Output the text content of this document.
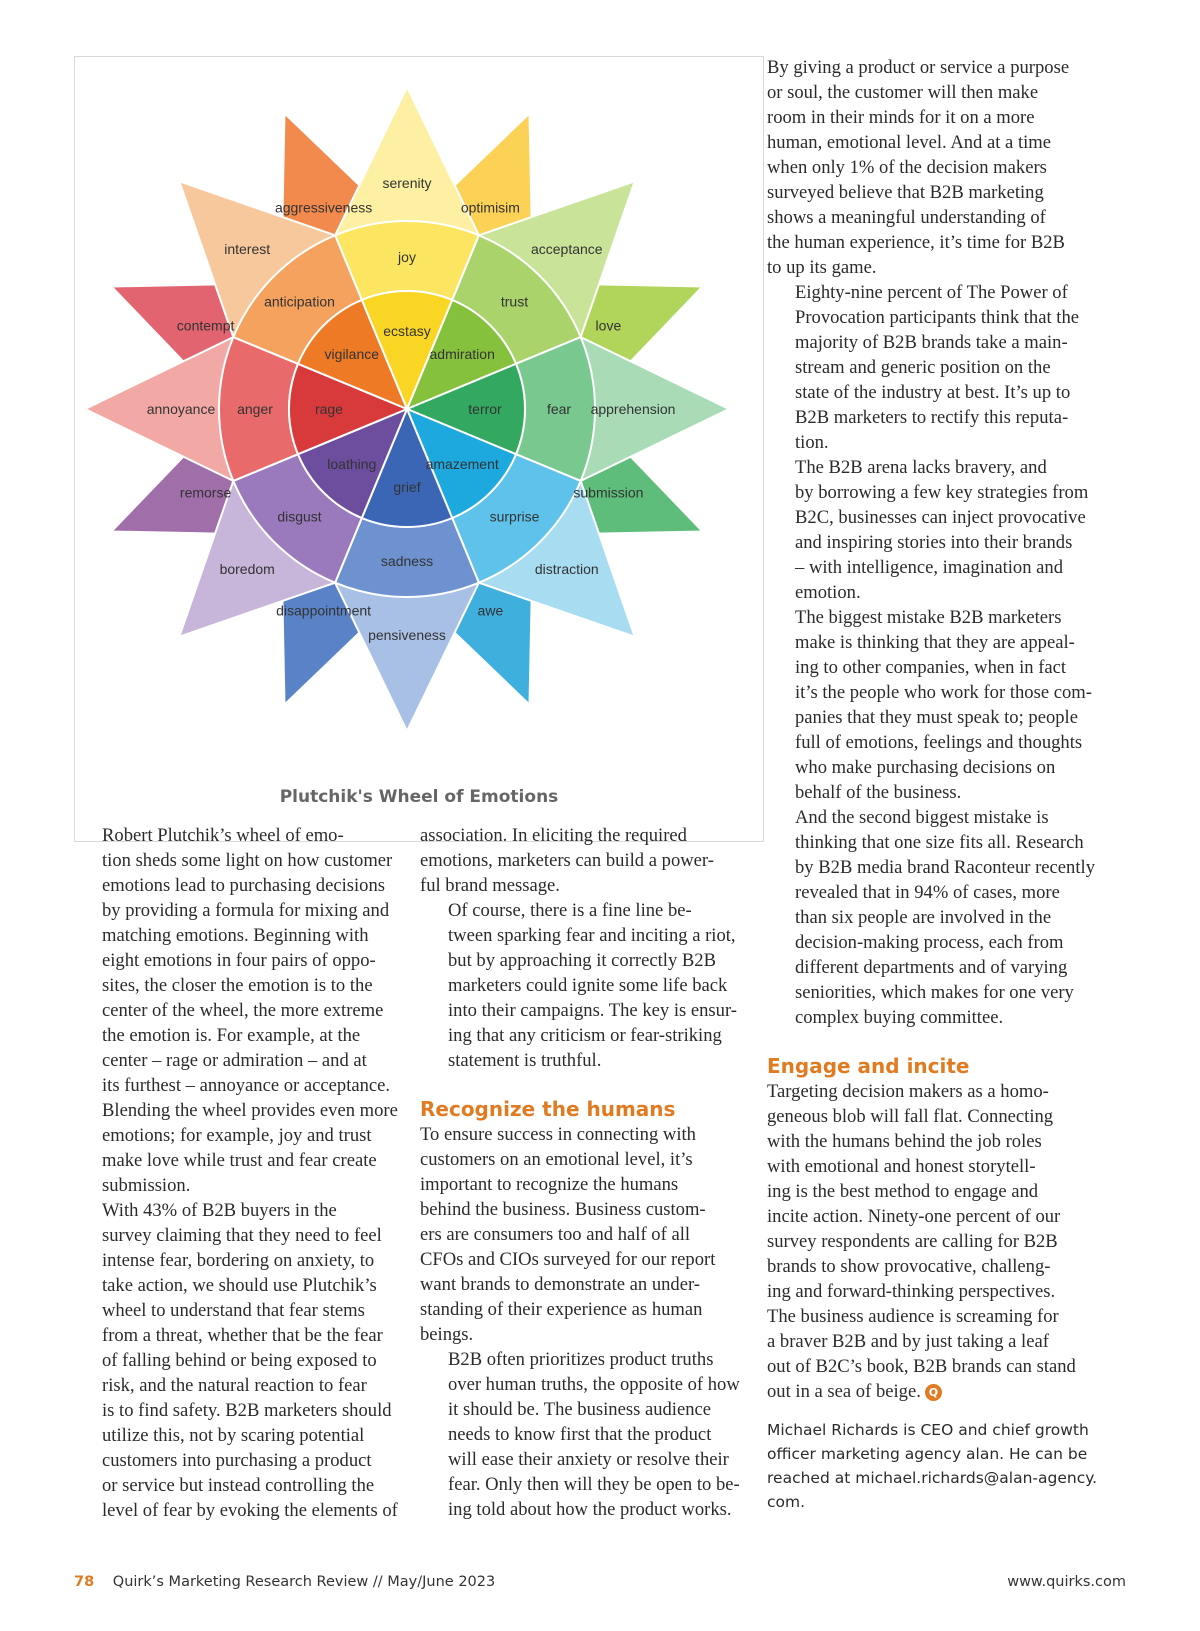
ecstasy
joy
serenity
optimisim
admiration
trust
acceptance
love
terror	fear apprehension
submission
amazement
surprise
distraction
awe
grief
sadness
pensiveness
disappointment
loathing
disgust
boredom
remorse
rage
anger
annoyance
contempt
vigilance
anticipation
interest
aggressiveness
Plutchik's Wheel of Emotions

Robert Plutchik’s wheel of emo-
tion sheds some light on how customer
emotions lead to purchasing decisions
by providing a formula for mixing and
matching emotions. Beginning with
eight emotions in four pairs of oppo-
sites, the closer the emotion is to the
center of the wheel, the more extreme
the emotion is. For example, at the
center – rage or admiration – and at
its furthest – annoyance or acceptance.
Blending the wheel provides even more
emotions; for example, joy and trust
make love while trust and fear create
submission.

With 43% of B2B buyers in the
survey claiming that they need to feel
intense fear, bordering on anxiety, to
take action, we should use Plutchik’s
wheel to understand that fear stems
from a threat, whether that be the fear
of falling behind or being exposed to
risk, and the natural reaction to fear
is to find safety. B2B marketers should
utilize this, not by scaring potential
customers into purchasing a product
or service but instead controlling the
level of fear by evoking the elements of

association. In eliciting the required
emotions, marketers can build a power-
ful brand message.

Of course, there is a fine line be-
tween sparking fear and inciting a riot,
but by approaching it correctly B2B
marketers could ignite some life back
into their campaigns. The key is ensur-
ing that any criticism or fear-striking
statement is truthful.

Recognize the humans

To ensure success in connecting with
customers on an emotional level, it’s
important to recognize the humans
behind the business. Business custom-
ers are consumers too and half of all
CFOs and CIOs surveyed for our report
want brands to demonstrate an under-
standing of their experience as human
beings.

B2B often prioritizes product truths
over human truths, the opposite of how
it should be. The business audience
needs to know first that the product
will ease their anxiety or resolve their
fear. Only then will they be open to be-
ing told about how the product works.

By giving a product or service a purpose
or soul, the customer will then make
room in their minds for it on a more
human, emotional level. And at a time
when only 1% of the decision makers
surveyed believe that B2B marketing
shows a meaningful understanding of
the human experience, it’s time for B2B
to up its game.

Eighty-nine percent of The Power of
Provocation participants think that the
majority of B2B brands take a main-
stream and generic position on the
state of the industry at best. It’s up to
B2B marketers to rectify this reputa-
tion.

The B2B arena lacks bravery, and
by borrowing a few key strategies from
B2C, businesses can inject provocative
and inspiring stories into their brands
– with intelligence, imagination and
emotion.

The biggest mistake B2B marketers
make is thinking that they are appeal-
ing to other companies, when in fact
it’s the people who work for those com-
panies that they must speak to; people
full of emotions, feelings and thoughts
who make purchasing decisions on
behalf of the business.

And the second biggest mistake is
thinking that one size fits all. Research
by B2B media brand Raconteur recently
revealed that in 94% of cases, more
than six people are involved in the
decision-making process, each from
different departments and of varying
seniorities, which makes for one very
complex buying committee.

Engage and incite

Targeting decision makers as a homo-
geneous blob will fall flat. Connecting
with the humans behind the job roles
with emotional and honest storytell-
ing is the best method to engage and
incite action. Ninety-one percent of our
survey respondents are calling for B2B
brands to show provocative, challeng-
ing and forward-thinking perspectives.
The business audience is screaming for
a braver B2B and by just taking a leaf
out of B2C’s book, B2B brands can stand
out in a sea of beige. Q

Michael Richards is CEO and chief growth
officer marketing agency alan. He can be
reached at michael.richards@alan-agency.
com.

78 Quirk’s Marketing Research Review // May/June 2023	www.quirks.com
